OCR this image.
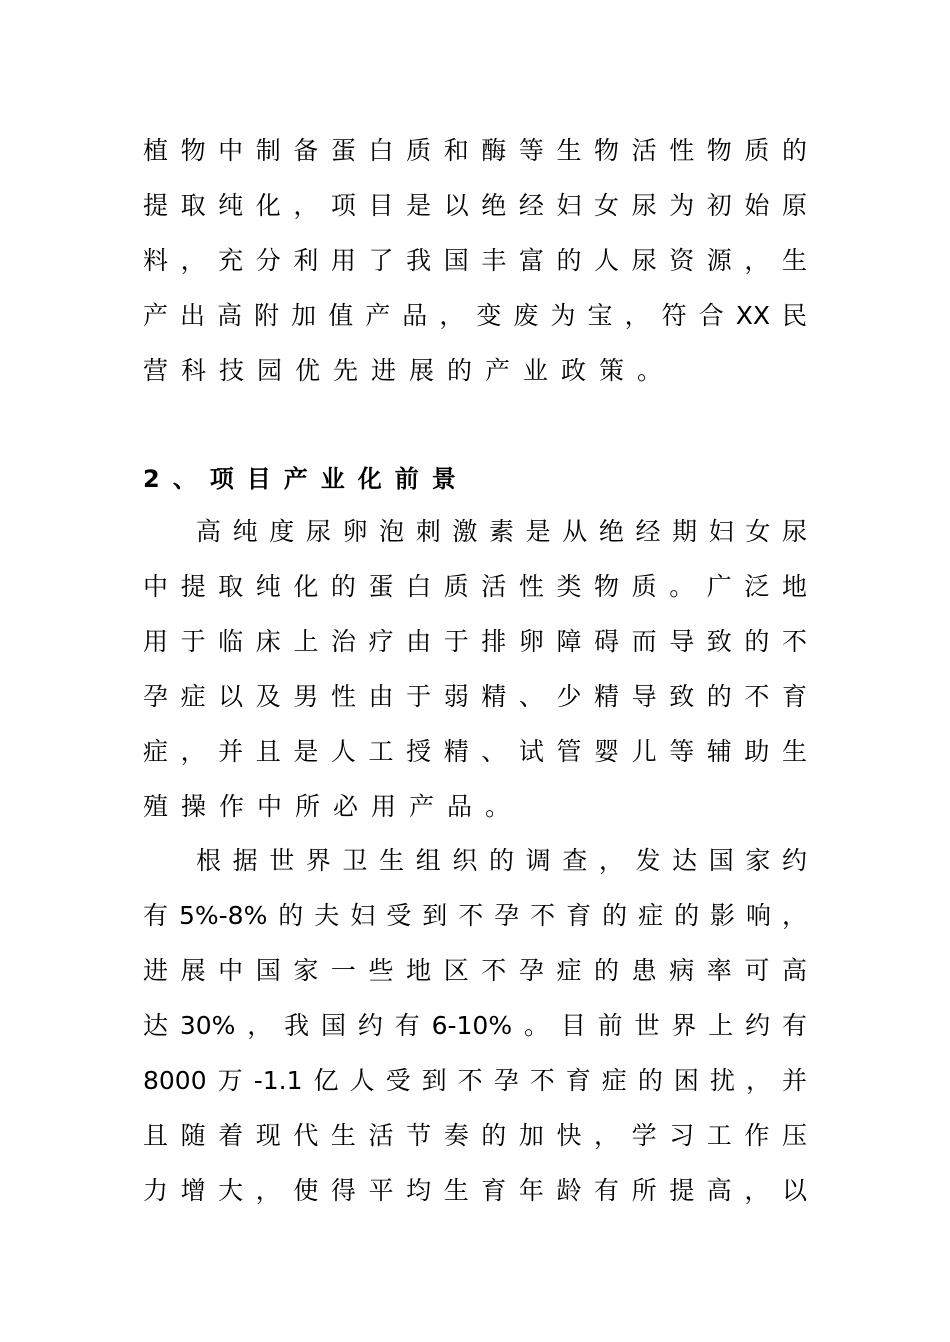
植物中制备蛋白质和酶等生物活性物质的
提取纯化，项目是以绝经妇女尿为初始原
料，充分利用了我国丰富的人尿资源，生
产出高附加值产品，变废为宝，符合XX民
营科技园优先进展的产业政策。
2、项目产业化前景
高纯度尿卵泡刺激素是从绝经期妇女尿
中提取纯化的蛋白质活性类物质。广泛地
用于临床上治疗由于排卵障碍而导致的不
孕症以及男性由于弱精、少精导致的不育
症，并且是人工授精、试管婴儿等辅助生
殖操作中所必用产品。
根据世界卫生组织的调查，发达国家约
有5%-8%的夫妇受到不孕不育的症的影响，
进展中国家一些地区不孕症的患病率可高
达30%，我国约有6-10%。目前世界上约有
8000万-1.1亿人受到不孕不育症的困扰，并
且随着现代生活节奏的加快，学习工作压
力增大，使得平均生育年龄有所提高，以
